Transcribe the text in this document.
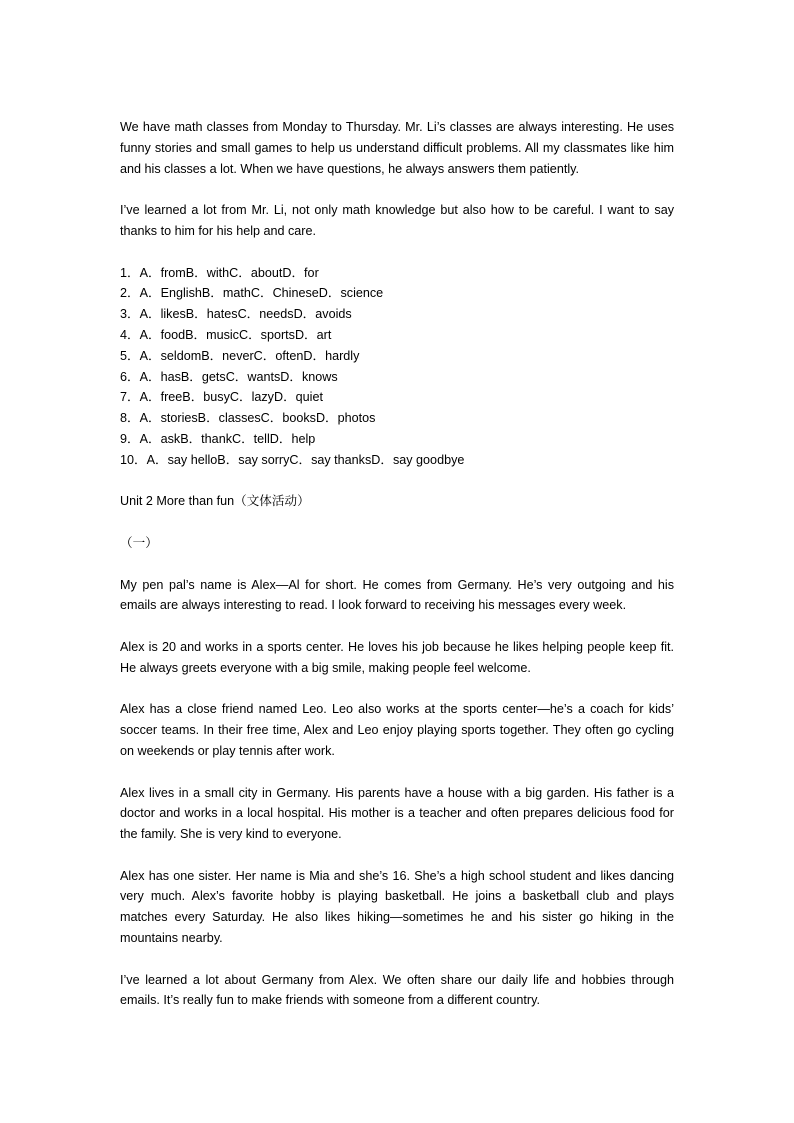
We have math classes from Monday to Thursday. Mr. Li’s classes are always interesting. He uses funny stories and small games to help us understand difficult problems. All my classmates like him and his classes a lot. When we have questions, he always answers them patiently.

I’ve learned a lot from Mr. Li, not only math knowledge but also how to be careful. I want to say thanks to him for his help and care.

1．A．fromB．withC．aboutD．for
2．A．EnglishB．mathC．ChineseD．science
3．A．likesB．hatesC．needsD．avoids
4．A．foodB．musicC．sportsD．art
5．A．seldomB．neverC．oftenD．hardly
6．A．hasB．getsC．wantsD．knows
7．A．freeB．busyC．lazyD．quiet
8．A．storiesB．classesC．booksD．photos
9．A．askB．thankC．tellD．help
10．A．say helloB．say sorryC．say thanksD．say goodbye
Unit 2 More than fun（文体活动）
（一）

My pen pal’s name is Alex—Al for short. He comes from Germany. He’s very outgoing and his emails are always interesting to read. I look forward to receiving his messages every week.

Alex is 20 and works in a sports center. He loves his job because he likes helping people keep fit. He always greets everyone with a big smile, making people feel welcome.

Alex has a close friend named Leo. Leo also works at the sports center—he’s a coach for kids’ soccer teams. In their free time, Alex and Leo enjoy playing sports together. They often go cycling on weekends or play tennis after work.

Alex lives in a small city in Germany. His parents have a house with a big garden. His father is a doctor and works in a local hospital. His mother is a teacher and often prepares delicious food for the family. She is very kind to everyone.

Alex has one sister. Her name is Mia and she’s 16. She’s a high school student and likes dancing very much. Alex’s favorite hobby is playing basketball. He joins a basketball club and plays matches every Saturday. He also likes hiking—sometimes he and his sister go hiking in the mountains nearby.

I’ve learned a lot about Germany from Alex. We often share our daily life and hobbies through emails. It’s really fun to make friends with someone from a different country.
